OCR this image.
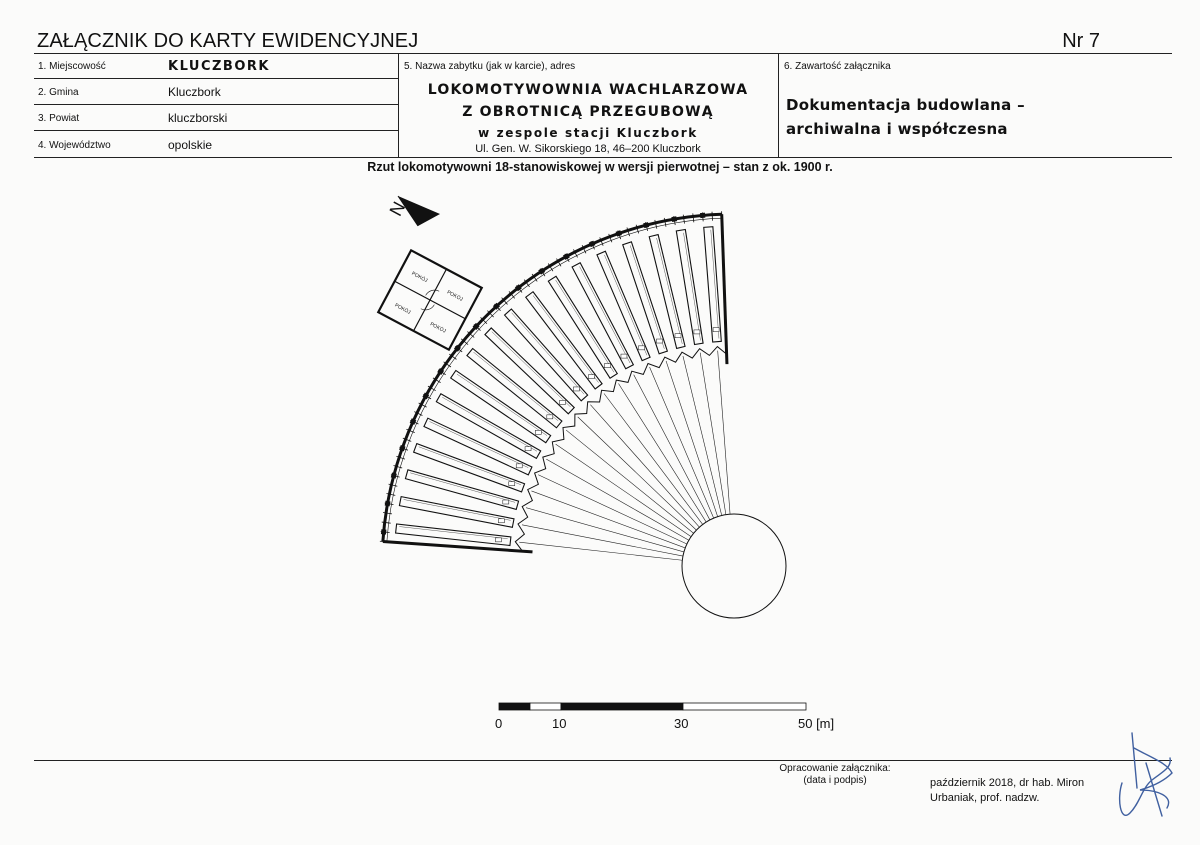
ZAŁĄCZNIK DO KARTY EWIDENCYJNEJ	Nr 7
1. Miejscowość	KLUCZBORK
2. Gmina	Kluczbork
3. Powiat	kluczborski
4. Województwo	opolskie
5. Nazwa zabytku (jak w karcie), adres
LOKOMOTYWOWNIA WACHLARZOWA
Z OBROTNICĄ PRZEGUBOWĄ
w zespole stacji Kluczbork
Ul. Gen. W. Sikorskiego 18, 46–200 Kluczbork
6. Zawartość załącznika
Dokumentacja budowlana –
archiwalna i współczesna
Rzut lokomotywowni 18-stanowiskowej w wersji pierwotnej – stan z ok. 1900 r.
POKÓJ
POKÓJ
POKÓJ
POKÓJ
N
0	10	30	50 [m]
Opracowanie załącznika:
(data i podpis)	październik 2018, dr hab. Miron
Urbaniak, prof. nadzw.
